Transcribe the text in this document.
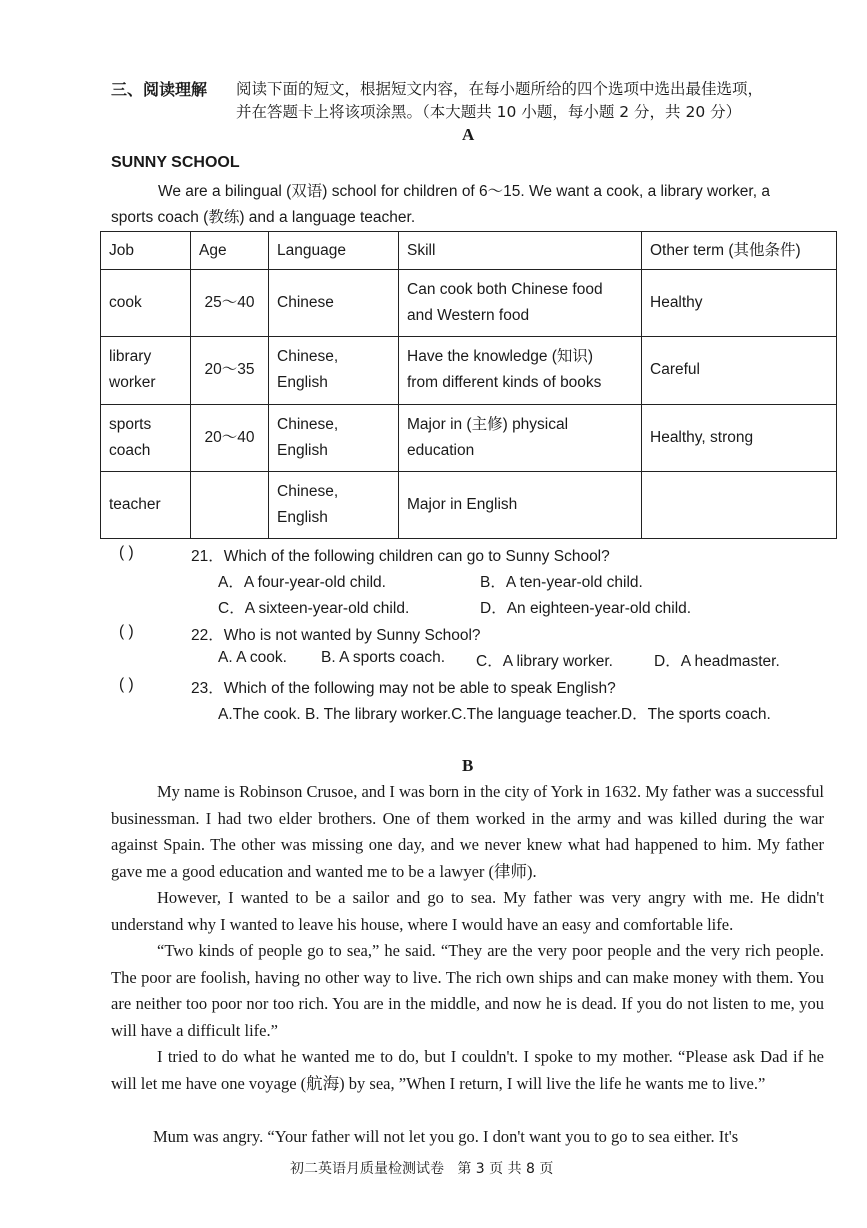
三、阅读理解 阅读下面的短文，根据短文内容，在每小题所给的四个选项中选出最佳选项，
并在答题卡上将该项涂黑。（本大题共 10 小题，每小题 2 分，共 20 分）
A
SUNNY SCHOOL
We are a bilingual (双语) school for children of 6～15. We want a cook, a library worker, a
sports coach (教练) and a language teacher.
Job	Age	Language	Skill	Other term (其他条件)
cook	25～40	Chinese	Can cook both Chinese food
and Western food	Healthy
library
worker	20～35	Chinese,
English	Have the knowledge (知识)
from different kinds of books	Careful
sports
coach	20～40	Chinese,
English	Major in (主修) physical
education	Healthy, strong
teacher		Chinese,
English	Major in English	
( )	21．Which of the following children can go to Sunny School?
A．A four-year-old child.	B．A ten-year-old child.
C．A sixteen-year-old child.	D．An eighteen-year-old child.
( )	22．Who is not wanted by Sunny School?
A. A cook. B. A sports coach. C．A library worker.	D．A headmaster.
( )	23．Which of the following may not be able to speak English?
A.The cook. B. The library worker.C.The language teacher.D．The sports coach.
B
My name is Robinson Crusoe, and I was born in the city of York in 1632. My father was a successful businessman. I had two elder brothers. One of them worked in the army and was killed during the war against Spain. The other was missing one day, and we never knew what had happened to him. My father gave me a good education and wanted me to be a lawyer (律师).
However, I wanted to be a sailor and go to sea. My father was very angry with me. He didn't understand why I wanted to leave his house, where I would have an easy and comfortable life.
“Two kinds of people go to sea,” he said. “They are the very poor people and the very rich people. The poor are foolish, having no other way to live. The rich own ships and can make money with them. You are neither too poor nor too rich. You are in the middle, and now he is dead. If you do not listen to me, you will have a difficult life.”
I tried to do what he wanted me to do, but I couldn't. I spoke to my mother. “Please ask Dad if he will let me have one voyage (航海) by sea, ”When I return, I will live the life he wants me to live.”
Mum was angry. “Your father will not let you go. I don't want you to go to sea either. It's
初二英语月质量检测试卷   第 3 页 共 8 页
